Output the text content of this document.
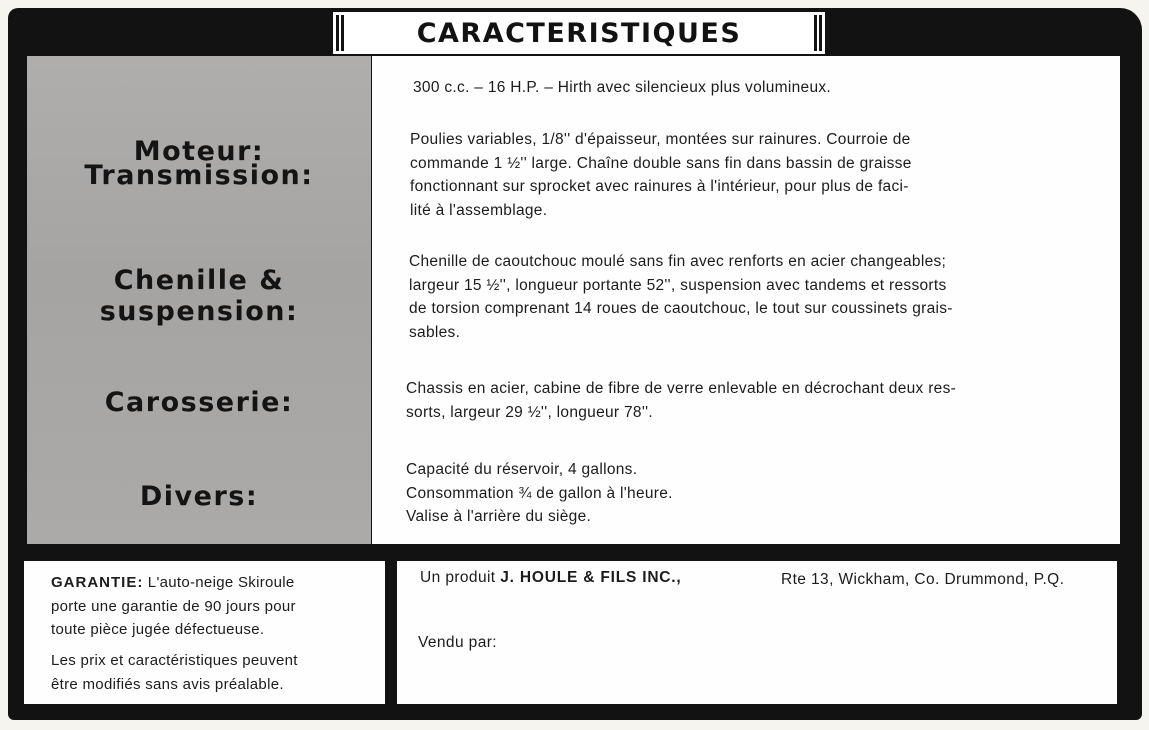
CARACTERISTIQUES
Moteur:
Transmission:
Chenille &
suspension:
Carosserie:
Divers:
300 c.c. – 16 H.P. – Hirth avec silencieux plus volumineux.
Poulies variables, 1/8'' d'épaisseur, montées sur rainures. Courroie de
commande 1 ½'' large. Chaîne double sans fin dans bassin de graisse
fonctionnant sur sprocket avec rainures à l'intérieur, pour plus de faci-
lité à l'assemblage.
Chenille de caoutchouc moulé sans fin avec renforts en acier changeables;
largeur 15 ½'', longueur portante 52'', suspension avec tandems et ressorts
de torsion comprenant 14 roues de caoutchouc, le tout sur coussinets grais-
sables.
Chassis en acier, cabine de fibre de verre enlevable en décrochant deux res-
sorts, largeur 29 ½'', longueur 78''.
Capacité du réservoir, 4 gallons.
Consommation ¾ de gallon à l'heure.
Valise à l'arrière du siège.

GARANTIE: L'auto-neige Skiroule
porte une garantie de 90 jours pour
toute pièce jugée défectueuse.

Les prix et caractéristiques peuvent
être modifiés sans avis préalable.

Un produit J. HOULE & FILS INC.,	Rte 13, Wickham, Co. Drummond, P.Q.
Vendu par:
